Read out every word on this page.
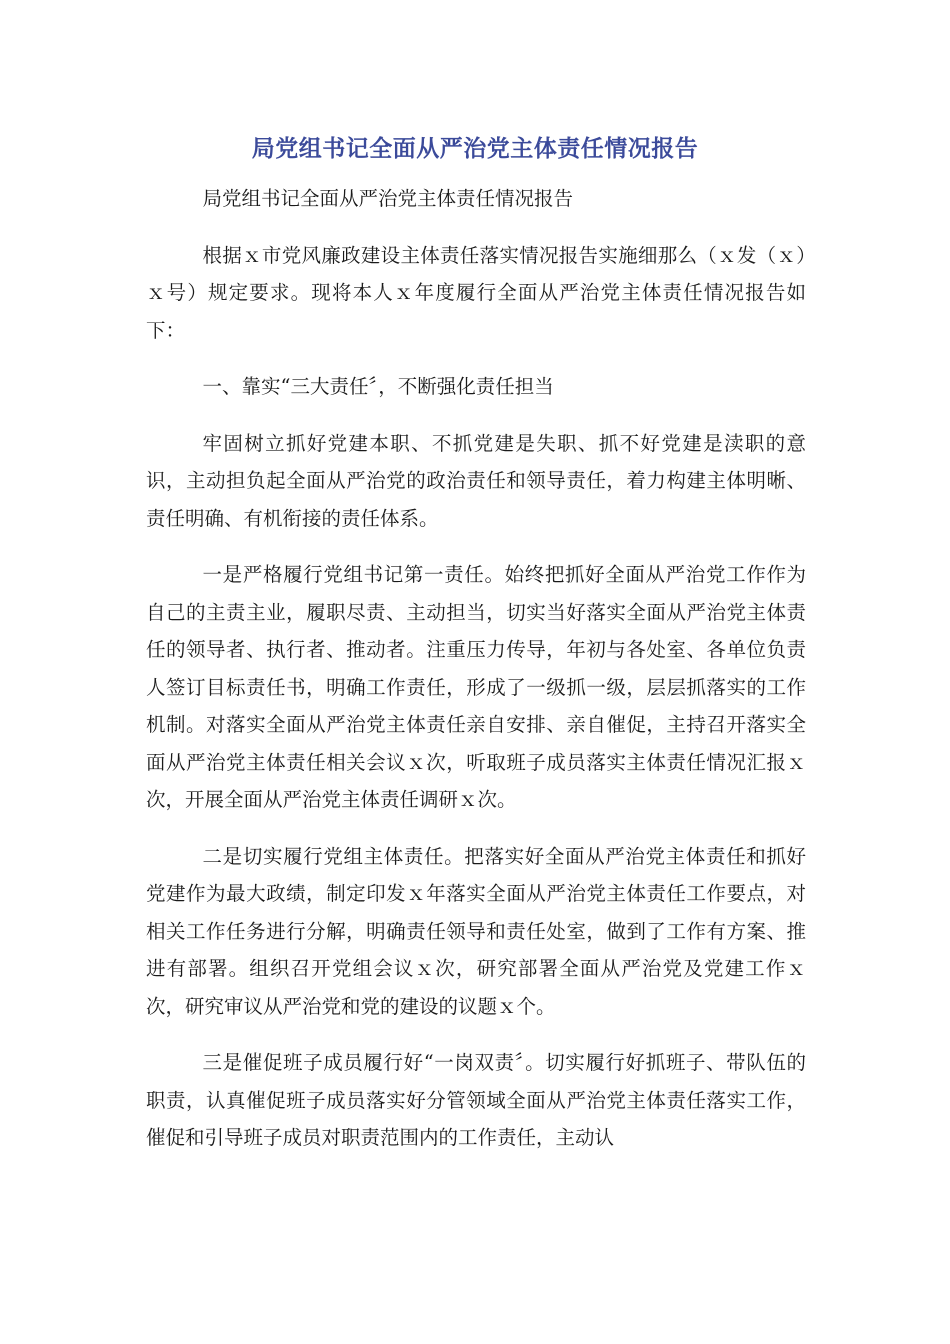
局党组书记全面从严治党主体责任情况报告

局党组书记全面从严治党主体责任情况报告

根据ｘ市党风廉政建设主体责任落实情况报告实施细那么（ｘ发（ｘ）ｘ号）规定要求。现将本人ｘ年度履行全面从严治党主体责任情况报告如下：

一、靠实“三大责任〞，不断强化责任担当

牢固树立抓好党建本职、不抓党建是失职、抓不好党建是渎职的意识，主动担负起全面从严治党的政治责任和领导责任，着力构建主体明晰、责任明确、有机衔接的责任体系。

一是严格履行党组书记第一责任。始终把抓好全面从严治党工作作为自己的主责主业，履职尽责、主动担当，切实当好落实全面从严治党主体责任的领导者、执行者、推动者。注重压力传导，年初与各处室、各单位负责人签订目标责任书，明确工作责任，形成了一级抓一级，层层抓落实的工作机制。对落实全面从严治党主体责任亲自安排、亲自催促，主持召开落实全面从严治党主体责任相关会议ｘ次，听取班子成员落实主体责任情况汇报ｘ次，开展全面从严治党主体责任调研ｘ次。

二是切实履行党组主体责任。把落实好全面从严治党主体责任和抓好党建作为最大政绩，制定印发ｘ年落实全面从严治党主体责任工作要点，对相关工作任务进行分解，明确责任领导和责任处室，做到了工作有方案、推进有部署。组织召开党组会议ｘ次，研究部署全面从严治党及党建工作ｘ次，研究审议从严治党和党的建设的议题ｘ个。

三是催促班子成员履行好“一岗双责〞。切实履行好抓班子、带队伍的职责，认真催促班子成员落实好分管领域全面从严治党主体责任落实工作，催促和引导班子成员对职责范围内的工作责任，主动认
